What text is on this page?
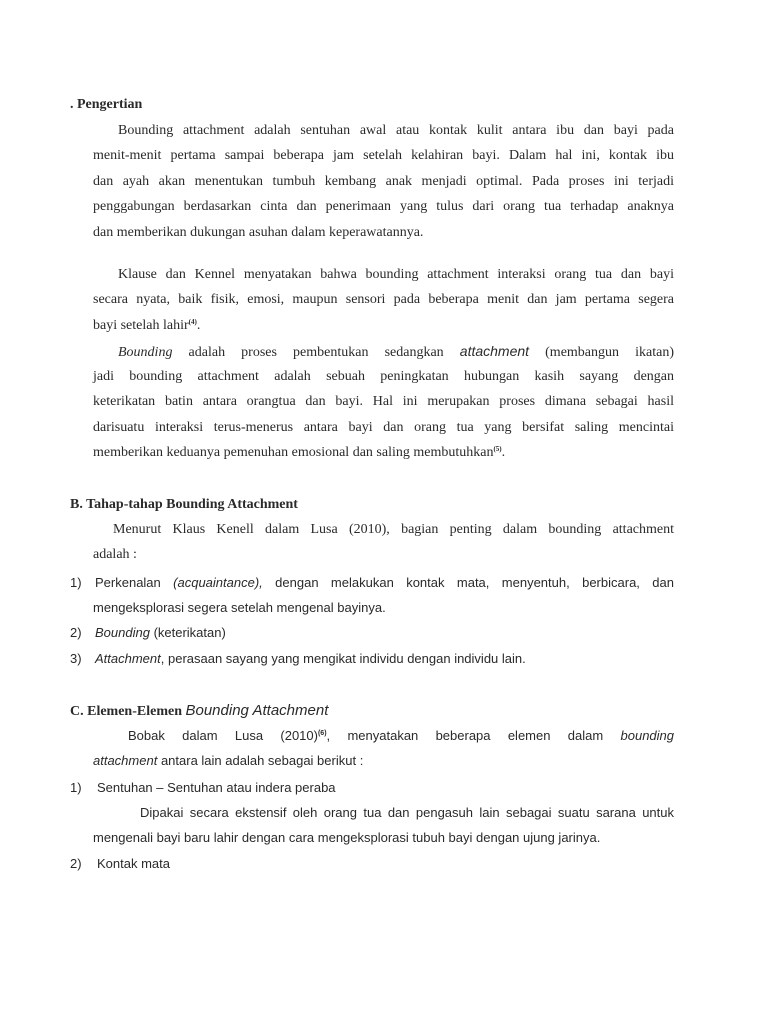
. Pengertian
Bounding attachment adalah sentuhan awal atau kontak kulit antara ibu dan bayi pada
menit-menit pertama sampai beberapa jam setelah kelahiran bayi. Dalam hal ini, kontak ibu
dan ayah akan menentukan tumbuh kembang anak menjadi optimal. Pada proses ini terjadi
penggabungan berdasarkan cinta dan penerimaan yang tulus dari orang tua terhadap anaknya
dan memberikan dukungan asuhan dalam keperawatannya.
Klause dan Kennel menyatakan bahwa bounding attachment interaksi orang tua dan bayi
secara nyata, baik fisik, emosi, maupun sensori pada beberapa menit dan jam pertama segera
bayi setelah lahir$^{(4)}$.
Bounding adalah proses pembentukan sedangkan attachment (membangun ikatan)
jadi bounding attachment adalah sebuah peningkatan hubungan kasih sayang dengan
keterikatan batin antara orangtua dan bayi. Hal ini merupakan proses dimana sebagai hasil
darisuatu interaksi terus-menerus antara bayi dan orang tua yang bersifat saling mencintai
memberikan keduanya pemenuhan emosional dan saling membutuhkan$^{(5)}$.
B. Tahap-tahap Bounding Attachment
Menurut Klaus Kenell dalam Lusa (2010), bagian penting dalam bounding attachment
adalah :
1) Perkenalan (acquaintance), dengan melakukan kontak mata, menyentuh, berbicara, dan
mengeksplorasi segera setelah mengenal bayinya.
2) Bounding (keterikatan)
3) Attachment, perasaan sayang yang mengikat individu dengan individu lain.
C. Elemen-Elemen Bounding Attachment
Bobak dalam Lusa $(2010)^{(6)}$, menyatakan beberapa elemen dalam bounding
attachment antara lain adalah sebagai berikut :
1) Sentuhan – Sentuhan atau indera peraba
Dipakai secara ekstensif oleh orang tua dan pengasuh lain sebagai suatu sarana untuk
mengenali bayi baru lahir dengan cara mengeksplorasi tubuh bayi dengan ujung jarinya.
2) Kontak mata
